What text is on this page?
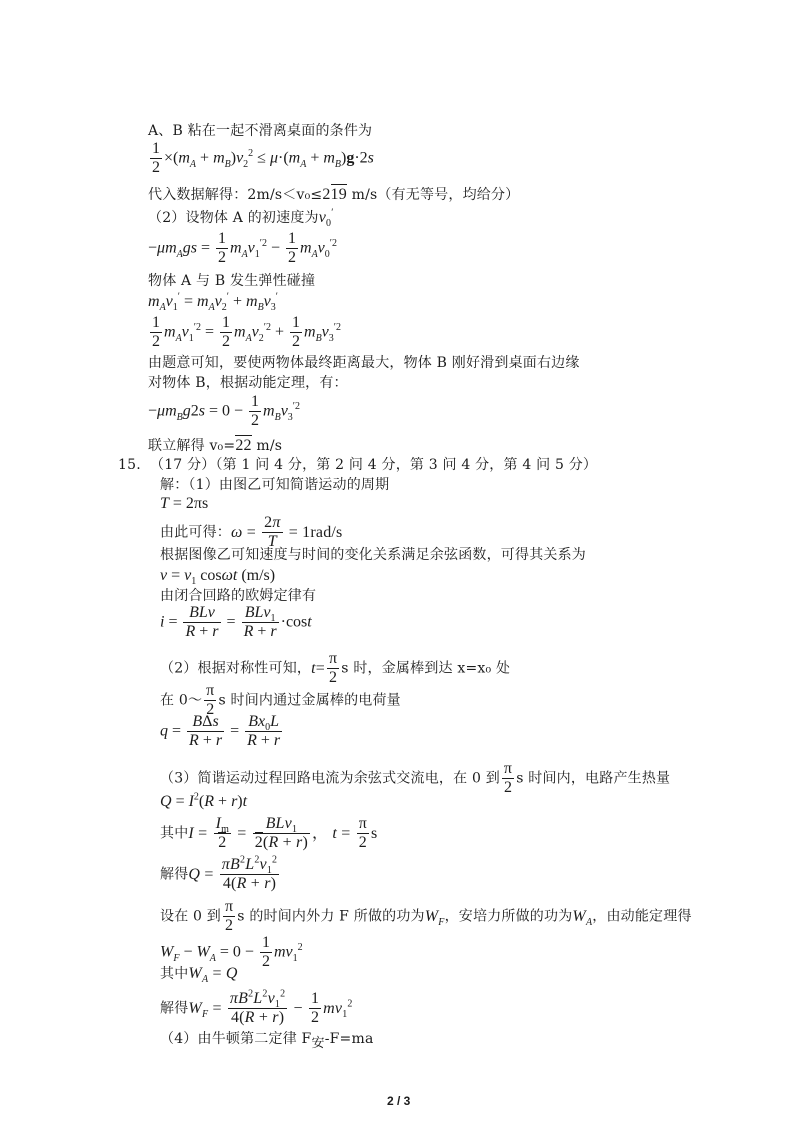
A、B 粘在一起不滑离桌面的条件为
$\frac{1}{2} \times(m_A + m_B)v_2^2 \le \mu\cdot(m_A + m_B)g\cdot 2s$
代入数据解得：2m/s＜v₀≤219 m/s（有无等号，均给分）
（2）设物体 A 的初速度为$v_0'$
$-\mu m_Ags = \frac{1}{2} m_Av_1^{'2} - \frac{1}{2} m_Av_0^{'2}$
物体 A 与 B 发生弹性碰撞
$m_Av_1' = m_Av_2' + m_Bv_3'$
$\frac{1}{2} m_Av_1^{'2} = \frac{1}{2} m_Av_2^{'2} + \frac{1}{2} m_Bv_3^{'2}$
由题意可知，要使两物体最终距离最大，物体 B 刚好滑到桌面右边缘
对物体 B，根据动能定理，有：
$-\mu m_Bg2s = 0 - \frac{1}{2} m_Bv_3^{'2}$
联立解得 v₀=22 m/s
15. （17 分）（第 1 问 4 分，第 2 问 4 分，第 3 问 4 分，第 4 问 5 分）
解：（1）由图乙可知简谐运动的周期
T = 2πs
由此可得：$\omega = \frac{2\pi}{T} = 1rad/s$
根据图像乙可知速度与时间的变化关系满足余弦函数，可得其关系为
$v = v_1$ cosωt (m/s)
由闭合回路的欧姆定律有
i =
BLv
R + r
=
BLv$_1$
R + r
·cost
（2）根据对称性可知，$t= \frac{\pi}{2}$ s 时，金属棒到达 x=x₀ 处
在 0～ $\frac{\pi}{2}$ s 时间内通过金属棒的电荷量
q =
BΔs
R + r
= $\frac{Bx_0L}{R + r}$
（3）简谐运动过程回路电流为余弦式交流电，在 0 到 $\frac{\pi}{2}$ s 时间内，电路产生热量
$Q = I^2(R + r)t$
其中$I = \frac{I_m}{2}$ =
BLv$_1$
2(R + r)
， $t = \frac{\pi}{2}$ s
解得$Q = \frac{\pi B^2L^2v_1^2}{4(R + r)}$
设在 0 到 $\frac{\pi}{2}$ s 的时间内外力 F 所做的功为$W_F$，安培力所做的功为$W_A$，由动能定理得
$W_F - W_A = 0 - \frac{1}{2} mv_1^2$
其中$W_A = Q$
解得$W_F = \frac{\pi B^2L^2v_1^2}{4(R + r)} - \frac{1}{2} mv_1^2$
（4）由牛顿第二定律 $F_安-F=ma$
2 / 3
